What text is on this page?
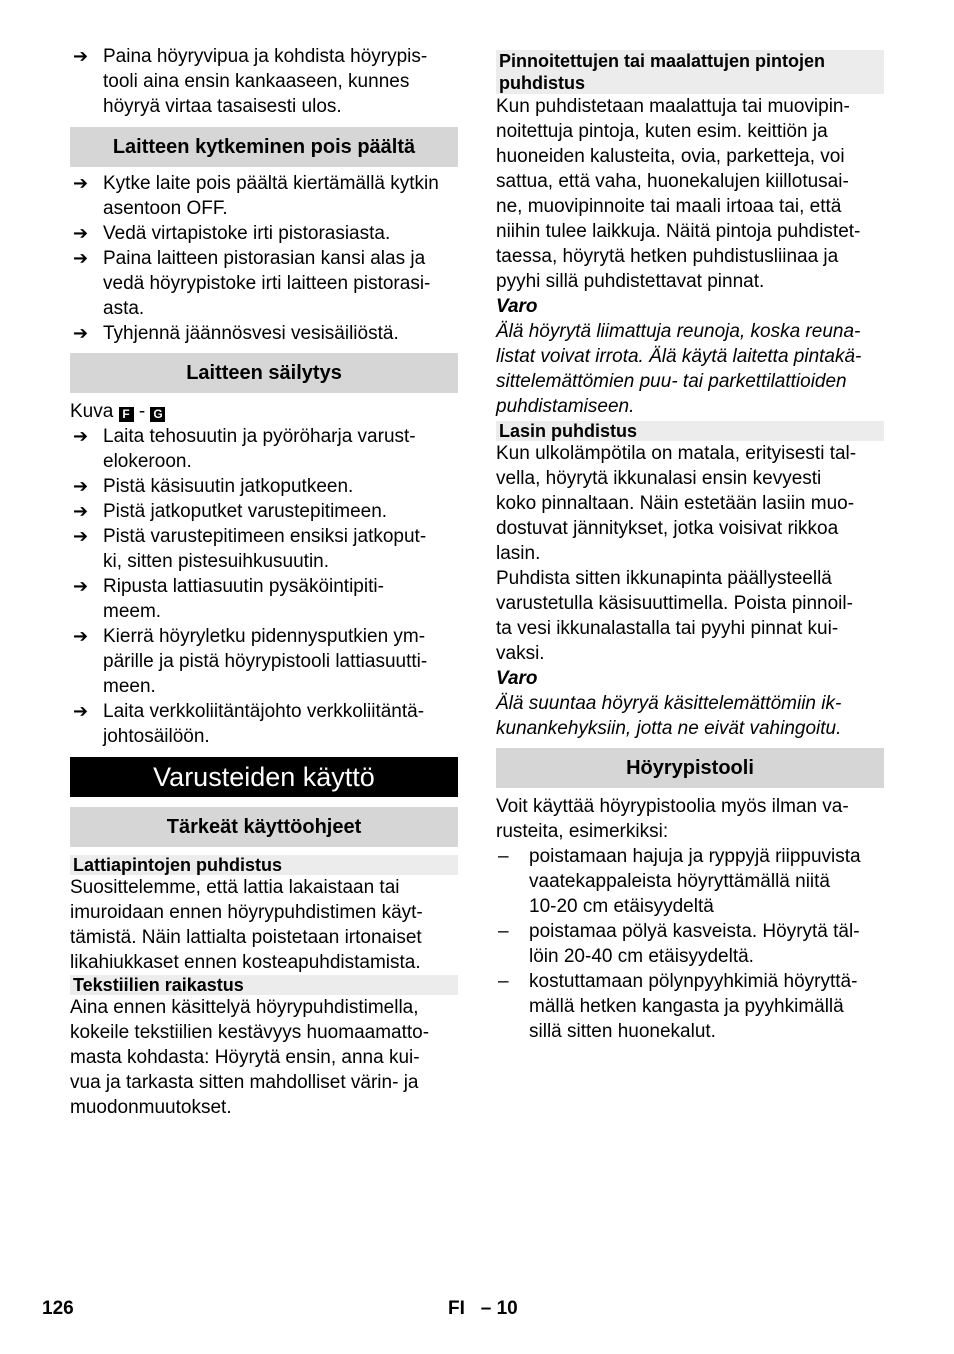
➔ Paina höyryvipua ja kohdista höyrypis-
tooli aina ensin kankaaseen, kunnes
höyryä virtaa tasaisesti ulos.
Laitteen kytkeminen pois päältä
➔ Kytke laite pois päältä kiertämällä kytkin
asentoon OFF.
➔ Vedä virtapistoke irti pistorasiasta.
➔ Paina laitteen pistorasian kansi alas ja
vedä höyrypistoke irti laitteen pistorasi-
asta.
➔ Tyhjennä jäännösvesi vesisäiliöstä.
Laitteen säilytys
Kuva F - G
➔ Laita tehosuutin ja pyöröharja varust-
elokeroon.
➔ Pistä käsisuutin jatkoputkeen.
➔ Pistä jatkoputket varustepitimeen.
➔ Pistä varustepitimeen ensiksi jatkoput-
ki, sitten pistesuihkusuutin.
➔ Ripusta lattiasuutin pysäköintipiti-
meem.
➔ Kierrä höyryletku pidennysputkien ym-
pärille ja pistä höyrypistooli lattiasuutti-
meen.
➔ Laita verkkoliitäntäjohto verkkoliitäntä-
johtosäilöön.
Varusteiden käyttö
Tärkeät käyttöohjeet
Lattiapintojen puhdistus
Suosittelemme, että lattia lakaistaan tai
imuroidaan ennen höyrypuhdistimen käyt-
tämistä. Näin lattialta poistetaan irtonaiset
likahiukkaset ennen kosteapuhdistamista.
Tekstiilien raikastus
Aina ennen käsittelyä höyrypuhdistimella,
kokeile tekstiilien kestävyys huomaamatto-
masta kohdasta: Höyrytä ensin, anna kui-
vua ja tarkasta sitten mahdolliset värin- ja
muodonmuutokset.
Pinnoitettujen tai maalattujen pintojen
puhdistus
Kun puhdistetaan maalattuja tai muovipin-
noitettuja pintoja, kuten esim. keittiön ja
huoneiden kalusteita, ovia, parketteja, voi
sattua, että vaha, huonekalujen kiillotusai-
ne, muovipinnoite tai maali irtoaa tai, että
niihin tulee laikkuja. Näitä pintoja puhdistet-
taessa, höyrytä hetken puhdistusliinaa ja
pyyhi sillä puhdistettavat pinnat.
Varo
Älä höyrytä liimattuja reunoja, koska reuna-
listat voivat irrota. Älä käytä laitetta pintakä-
sittelemättömien puu- tai parkettilattioiden
puhdistamiseen.
Lasin puhdistus
Kun ulkolämpötila on matala, erityisesti tal-
vella, höyrytä ikkunalasi ensin kevyesti
koko pinnaltaan. Näin estetään lasiin muo-
dostuvat jännitykset, jotka voisivat rikkoa
lasin.
Puhdista sitten ikkunapinta päällysteellä
varustetulla käsisuuttimella. Poista pinnoil-
ta vesi ikkunalastalla tai pyyhi pinnat kui-
vaksi.
Varo
Älä suuntaa höyryä käsittelemättömiin ik-
kunankehyksiin, jotta ne eivät vahingoitu.
Höyrypistooli
Voit käyttää höyrypistoolia myös ilman va-
rusteita, esimerkiksi:
– poistamaan hajuja ja ryppyjä riippuvista
vaatekappaleista höyryttämällä niitä
10-20 cm etäisyydeltä
– poistamaa pölyä kasveista. Höyrytä täl-
löin 20-40 cm etäisyydeltä.
– kostuttamaan pölynpyyhkimiä höyryttä-
mällä hetken kangasta ja pyyhkimällä
sillä sitten huonekalut.
126	FI   – 10
